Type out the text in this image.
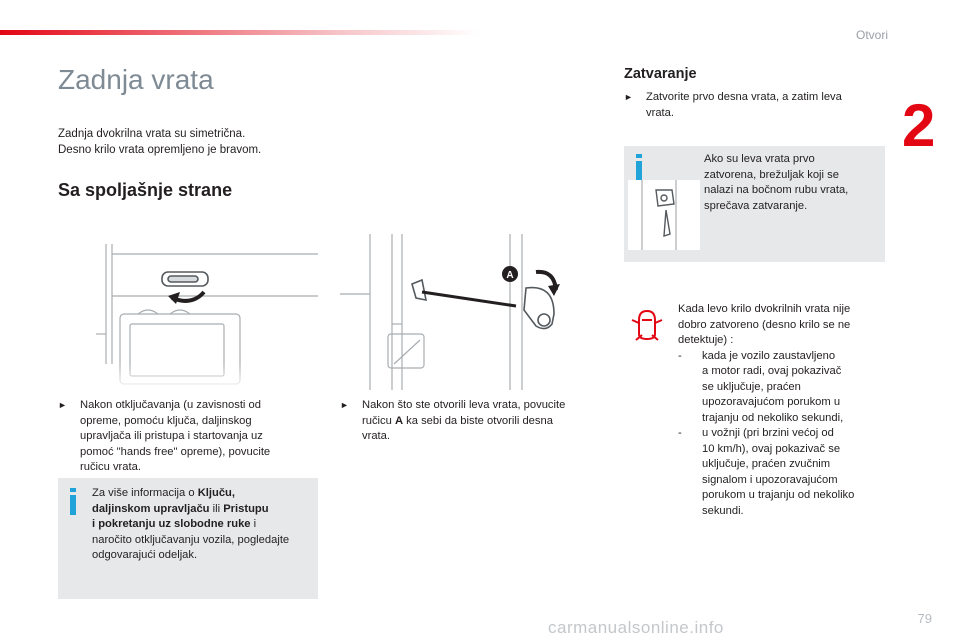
Otvori
2
Zadnja vrata
Zadnja dvokrilna vrata su simetrična.
Desno krilo vrata opremljeno je bravom.
Sa spoljašnje strane
A
► Nakon otključavanja (u zavisnosti od
opreme, pomoću ključa, daljinskog
upravljača ili pristupa i startovanja uz
pomoć "hands free" opreme), povucite
ručicu vrata.
► Nakon što ste otvorili leva vrata, povucite
ručicu A ka sebi da biste otvorili desna
vrata.
Za više informacija o Ključu,
daljinskom upravljaču ili Pristupu
i pokretanju uz slobodne ruke i
naročito otključavanju vozila, pogledajte
odgovarajući odeljak.
Zatvaranje
► Zatvorite prvo desna vrata, a zatim leva
vrata.
Ako su leva vrata prvo
zatvorena, brežuljak koji se
nalazi na bočnom rubu vrata,
sprečava zatvaranje.
Kada levo krilo dvokrilnih vrata nije
dobro zatvoreno (desno krilo se ne
detektuje) :
- kada je vozilo zaustavljeno
a motor radi, ovaj pokazivač
se uključuje, praćen
upozoravajućom porukom u
trajanju od nekoliko sekundi,
- u vožnji (pri brzini većoj od
10 km/h), ovaj pokazivač se
uključuje, praćen zvučnim
signalom i upozoravajućom
porukom u trajanju od nekoliko
sekundi.
carmanualsonline.info	79
